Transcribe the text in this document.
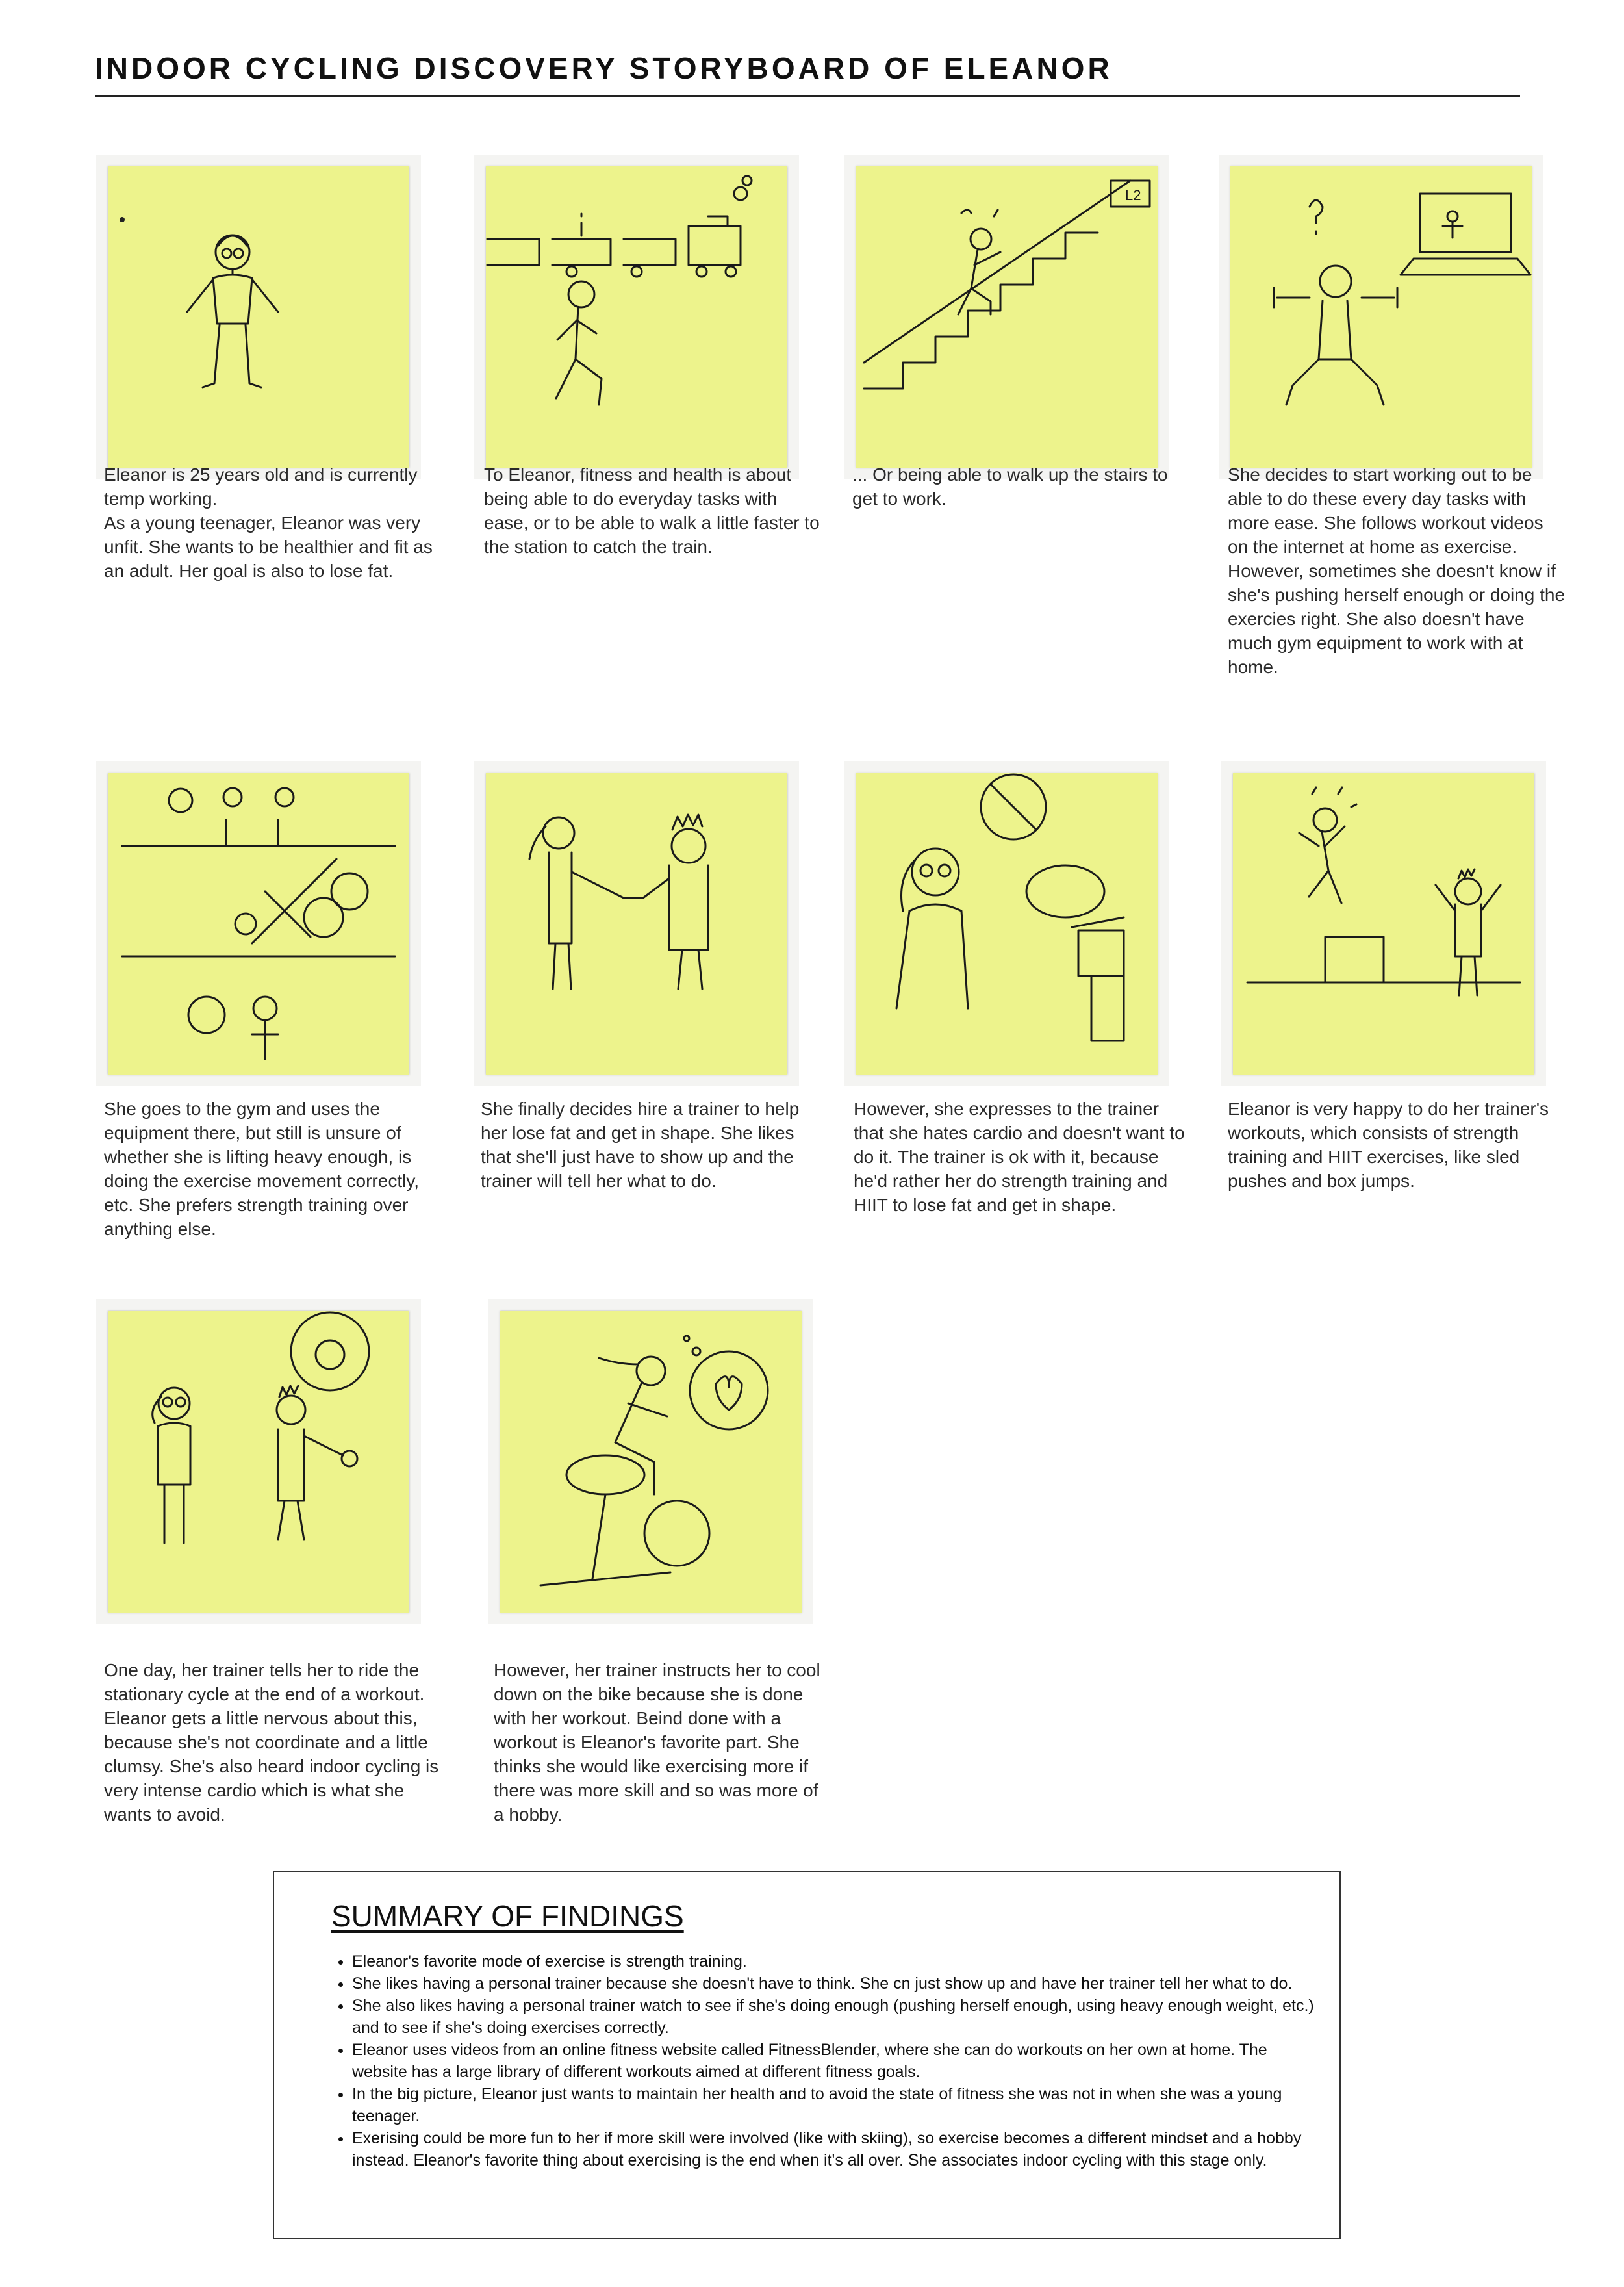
INDOOR CYCLING DISCOVERY STORYBOARD OF ELEANOR
Eleanor is 25 years old and is currently temp working.
As a young teenager, Eleanor was very unfit. She wants to be healthier and fit as an adult. Her goal is also to lose fat.
To Eleanor, fitness and health is about being able to do everyday tasks with ease, or to be able to walk a little faster to the station to catch the train.
L2
... Or being able to walk up the stairs to get to work.
She decides to start working out to be able to do these every day tasks with more ease. She follows workout videos on the internet at home as exercise. However, sometimes she doesn't know if she's pushing herself enough or doing the exercies right. She also doesn't have much gym equipment to work with at home.
She goes to the gym and uses the equipment there, but still is unsure of whether she is lifting heavy enough, is doing the exercise movement correctly, etc. She prefers strength training over anything else.
She finally decides hire a trainer to help her lose fat and get in shape. She likes that she'll just have to show up and the trainer will tell her what to do.
However, she expresses to the trainer that she hates cardio and doesn't want to do it. The trainer is ok with it, because he'd rather her do strength training and HIIT to lose fat and get in shape.
Eleanor is very happy to do her trainer's workouts, which consists of strength training and HIIT exercises, like sled pushes and box jumps.
One day, her trainer tells her to ride the stationary cycle at the end of a workout. Eleanor gets a little nervous about this, because she's not coordinate and a little clumsy. She's also heard indoor cycling is very intense cardio which is what she wants to avoid.
However, her trainer instructs her to cool down on the bike because she is done with her workout. Beind done with a workout is Eleanor's favorite part. She thinks she would like exercising more if there was more skill and so was more of a hobby.
SUMMARY OF FINDINGS
• Eleanor's favorite mode of exercise is strength training.
• She likes having a personal trainer because she doesn't have to think. She cn just show up and have her trainer tell her what to do.
• She also likes having a personal trainer watch to see if she's doing enough (pushing herself enough, using heavy enough weight, etc.) and to see if she's doing exercises correctly.
• Eleanor uses videos from an online fitness website called FitnessBlender, where she can do workouts on her own at home. The website has a large library of different workouts aimed at different fitness goals.
• In the big picture, Eleanor just wants to maintain her health and to avoid the state of fitness she was not in when she was a young teenager.
• Exerising could be more fun to her if more skill were involved (like with skiing), so exercise becomes a different mindset and a hobby instead. Eleanor's favorite thing about exercising is the end when it's all over. She associates indoor cycling with this stage only.
